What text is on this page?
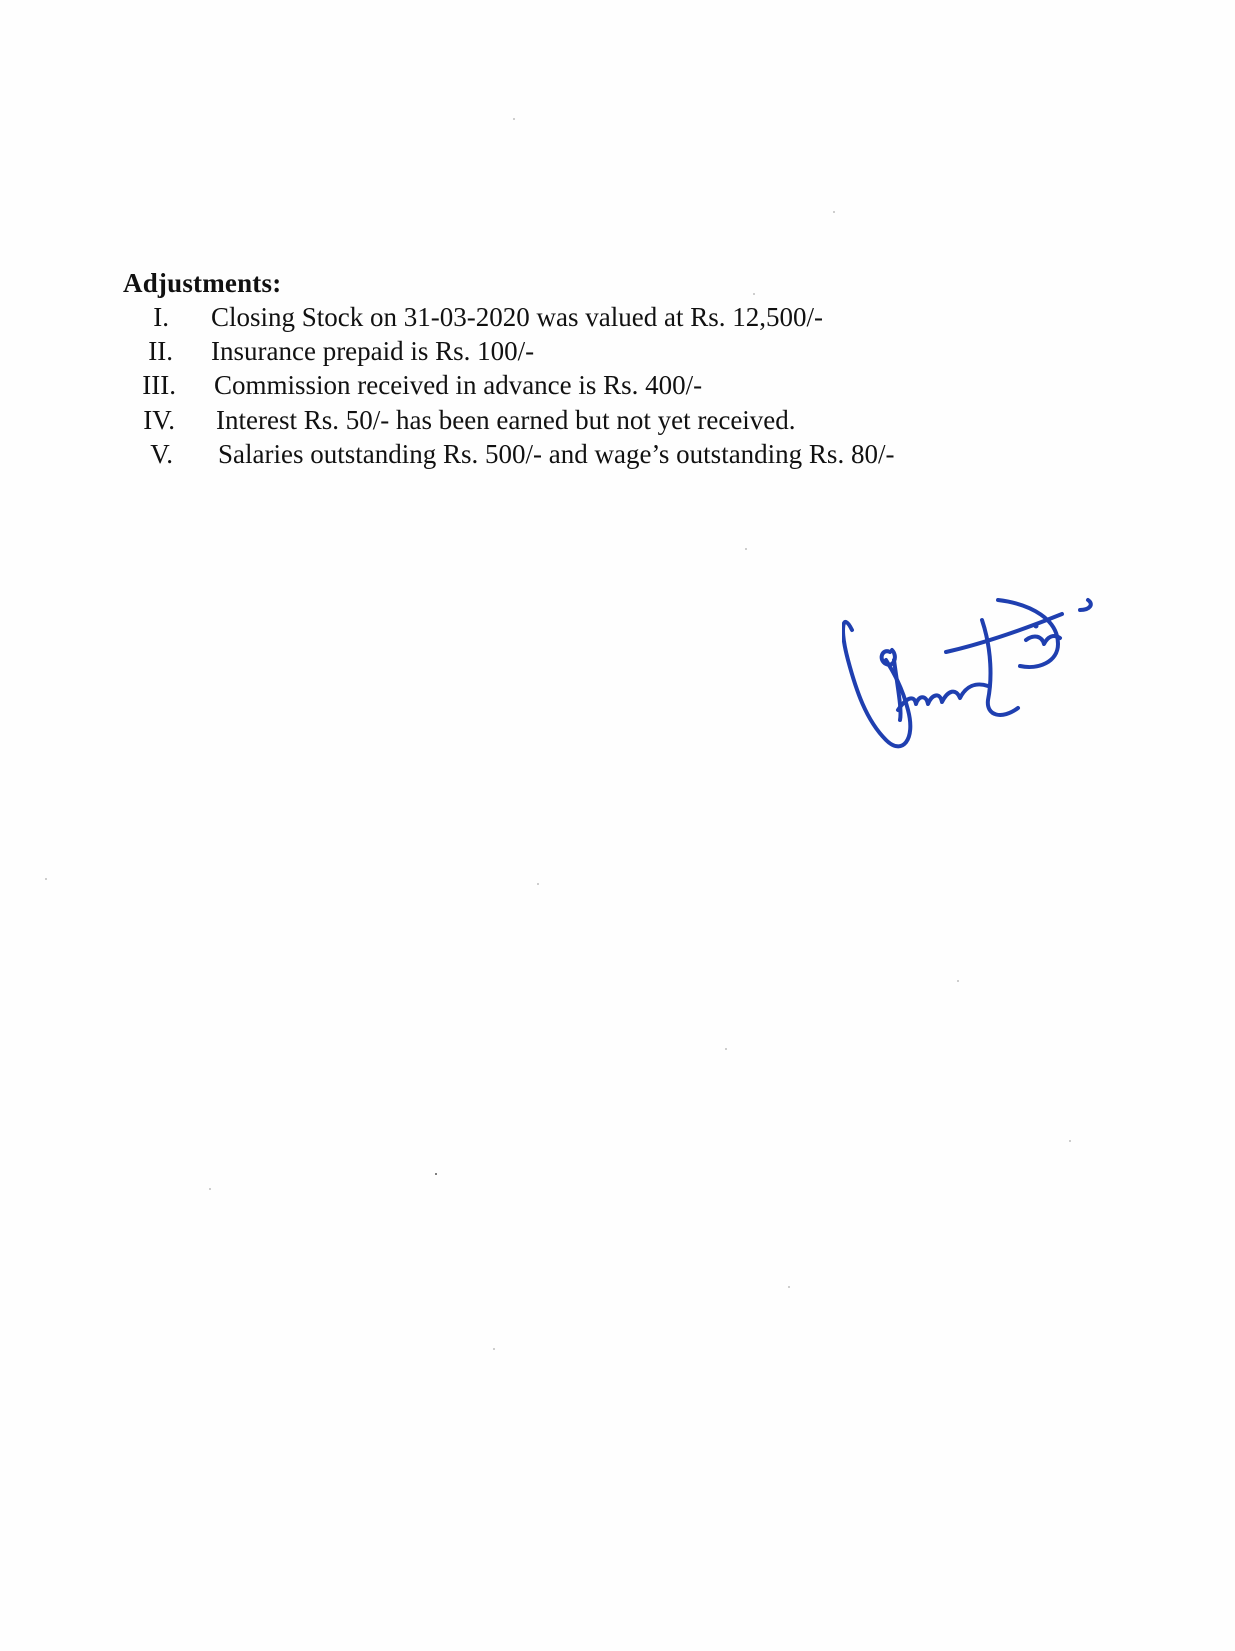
Adjustments:
I. Closing Stock on 31-03-2020 was valued at Rs. 12,500/-
II. Insurance prepaid is Rs. 100/-
III. Commission received in advance is Rs. 400/-
IV. Interest Rs. 50/- has been earned but not yet received.
V. Salaries outstanding Rs. 500/- and wage’s outstanding Rs. 80/-
